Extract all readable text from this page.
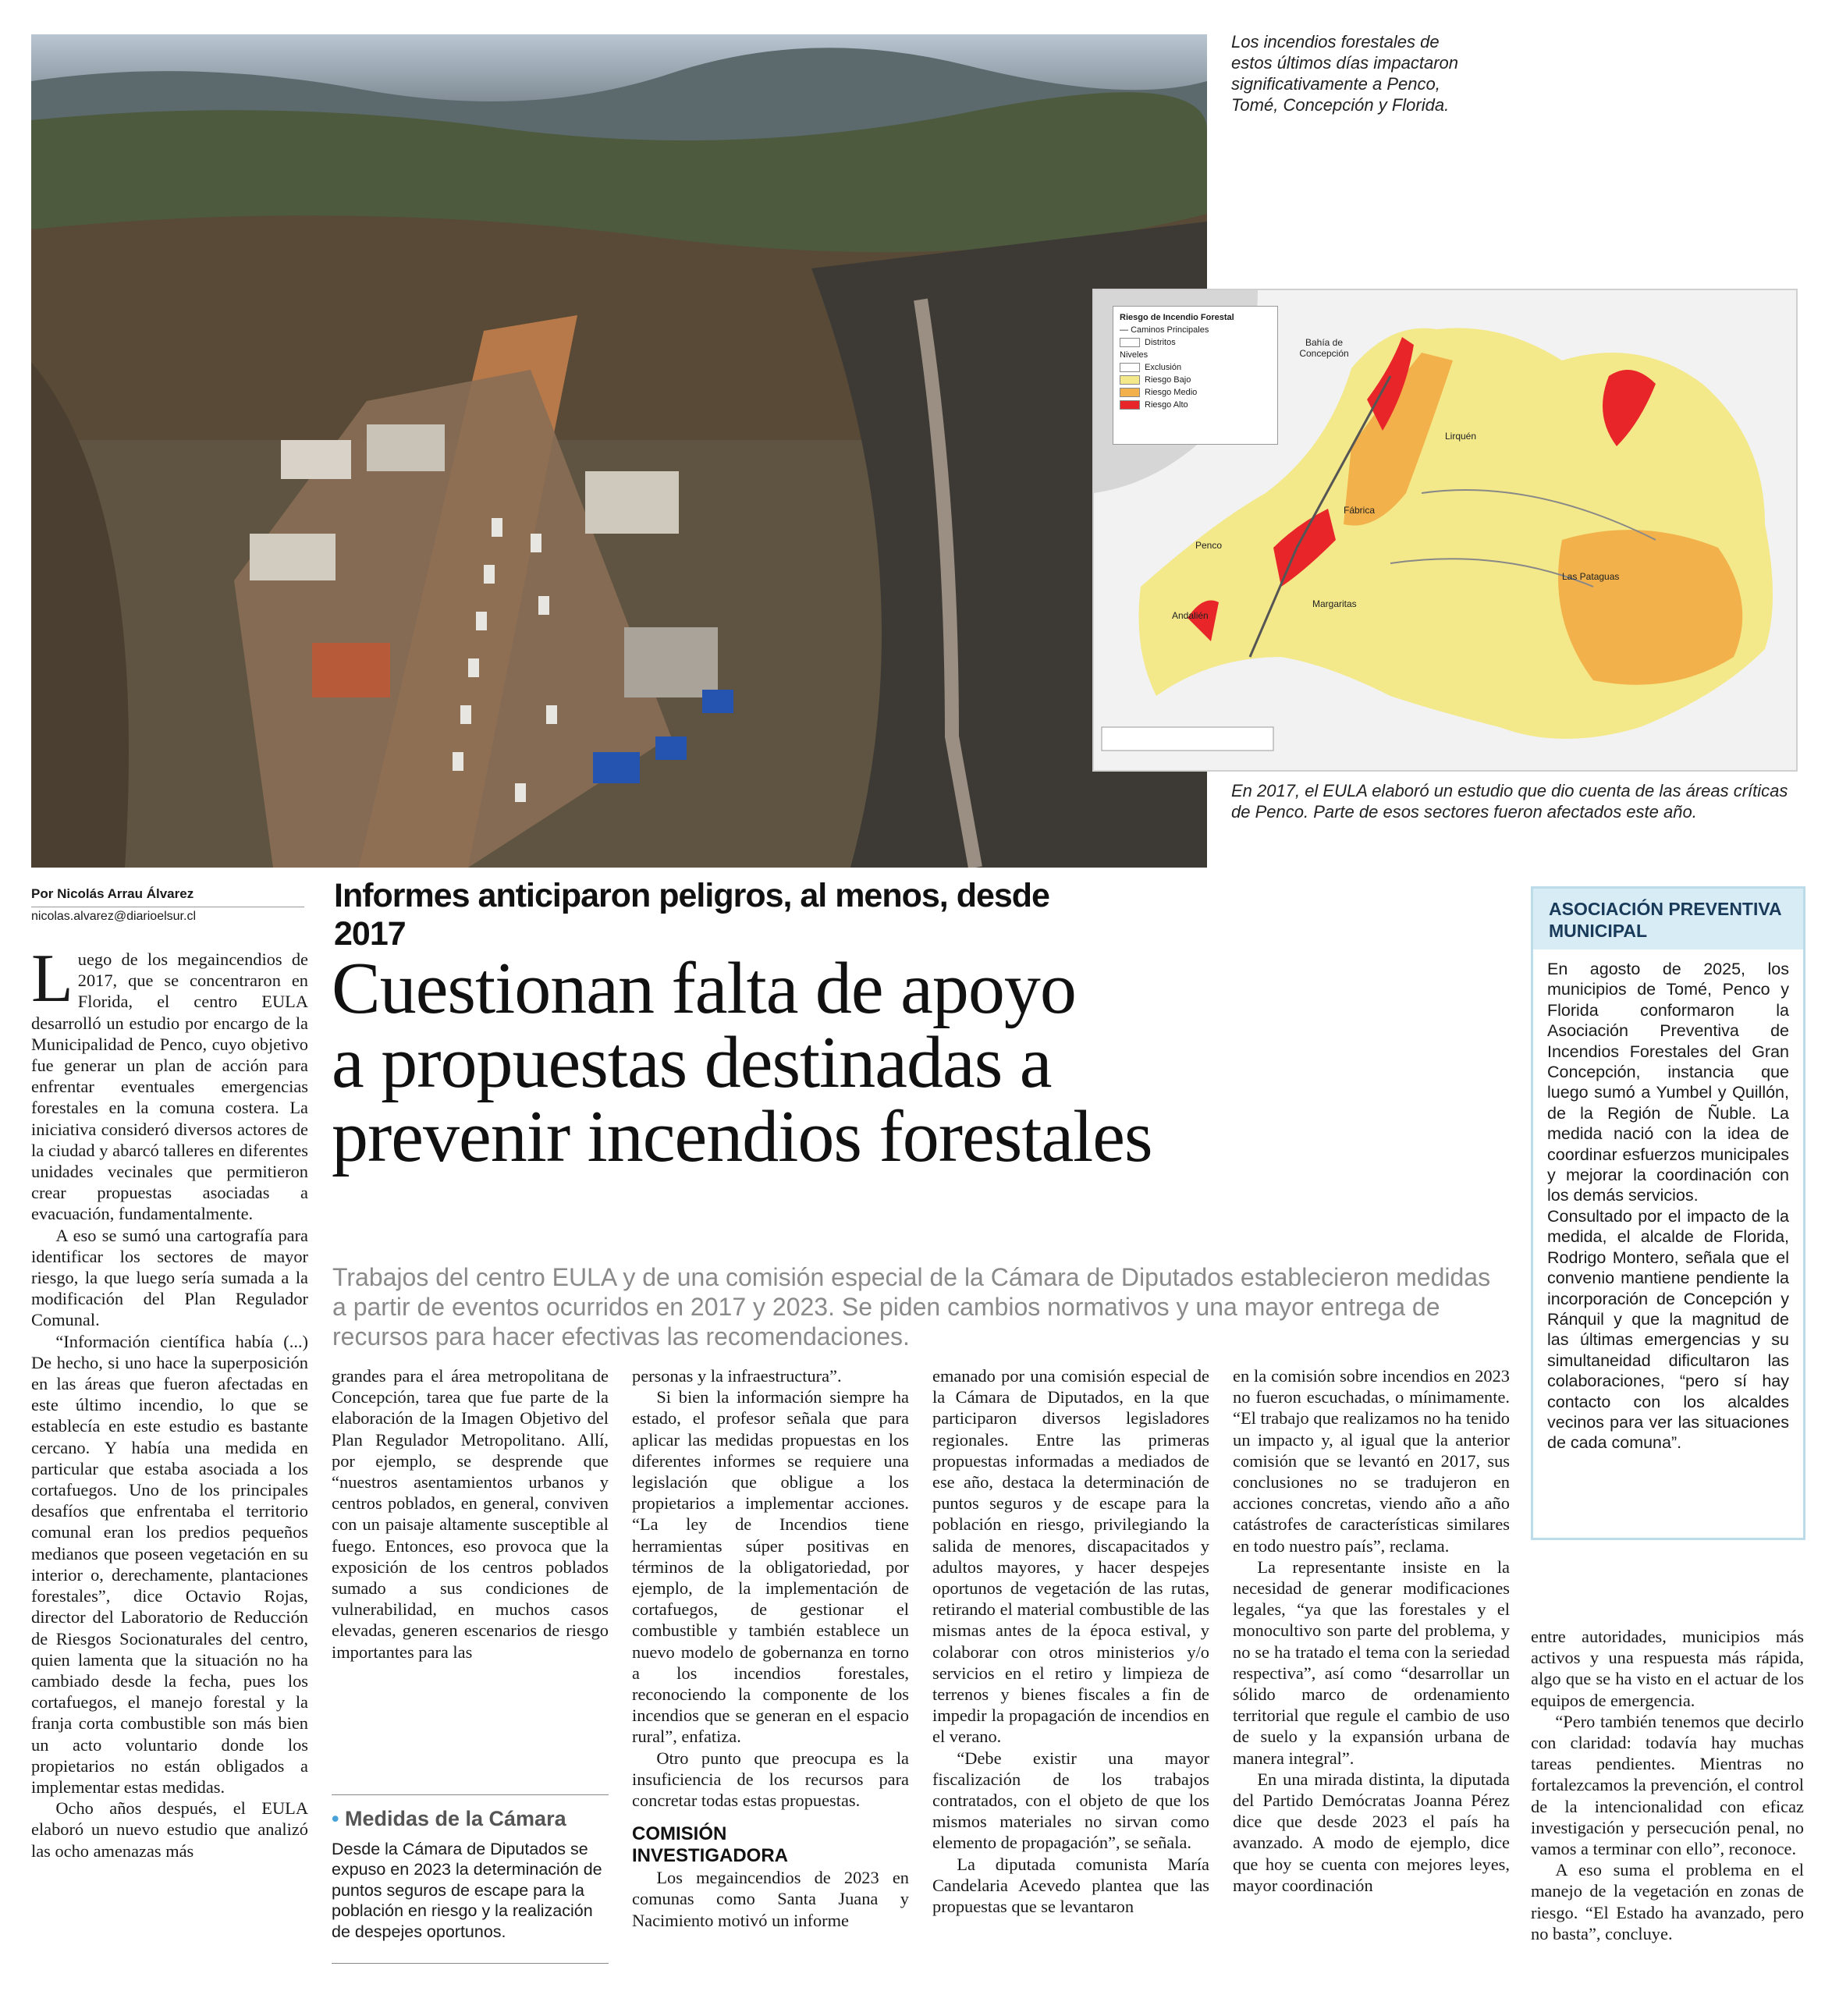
Los incendios forestales de estos últimos días impactaron significativamente a Penco, Tomé, Concepción y Florida.
Riesgo de Incendio Forestal
— Caminos Principales
Distritos
Niveles
Exclusión
Riesgo Bajo
Riesgo Medio
Riesgo Alto
Bahía de Concepción
Lirquén
Fábrica
Penco
Las Pataguas
Andalién
Margaritas
En 2017, el EULA elaboró un estudio que dio cuenta de las áreas críticas de Penco. Parte de esos sectores fueron afectados este año.
Por Nicolás Arrau Álvarez
nicolas.alvarez@diarioelsur.cl
Informes anticiparon peligros, al menos, desde 2017
Cuestionan falta de apoyo
a propuestas destinadas a
prevenir incendios forestales
Trabajos del centro EULA y de una comisión especial de la Cámara de Diputados establecieron medidas a partir de eventos ocurridos en 2017 y 2023. Se piden cambios normativos y una mayor entrega de recursos para hacer efectivas las recomendaciones.

Luego de los megaincendios de 2017, que se concentraron en Florida, el centro EULA desarrolló un estudio por encargo de la Municipalidad de Penco, cuyo objetivo fue generar un plan de acción para enfrentar eventuales emergencias forestales en la comuna costera. La iniciativa consideró diversos actores de la ciudad y abarcó talleres en diferentes unidades vecinales que permitieron crear propuestas asociadas a evacuación, fundamentalmente.

A eso se sumó una cartografía para identificar los sectores de mayor riesgo, la que luego sería sumada a la modificación del Plan Regulador Comunal.

“Información científica había (...) De hecho, si uno hace la superposición en las áreas que fueron afectadas en este último incendio, lo que se establecía en este estudio es bastante cercano. Y había una medida en particular que estaba asociada a los cortafuegos. Uno de los principales desafíos que enfrentaba el territorio comunal eran los predios pequeños medianos que poseen vegetación en su interior o, derechamente, plantaciones forestales”, dice Octavio Rojas, director del Laboratorio de Reducción de Riesgos Socionaturales del centro, quien lamenta que la situación no ha cambiado desde la fecha, pues los cortafuegos, el manejo forestal y la franja corta combustible son más bien un acto voluntario donde los propietarios no están obligados a implementar estas medidas.

Ocho años después, el EULA elaboró un nuevo estudio que analizó las ocho amenazas más

grandes para el área metropolitana de Concepción, tarea que fue parte de la elaboración de la Imagen Objetivo del Plan Regulador Metropolitano. Allí, por ejemplo, se desprende que “nuestros asentamientos urbanos y centros poblados, en general, conviven con un paisaje altamente susceptible al fuego. Entonces, eso provoca que la exposición de los centros poblados sumado a sus condiciones de vulnerabilidad, en muchos casos elevadas, generen escenarios de riesgo importantes para las

• Medidas de la Cámara
Desde la Cámara de Diputados se expuso en 2023 la determinación de puntos seguros de escape para la población en riesgo y la realización de despejes oportunos.

personas y la infraestructura”.

Si bien la información siempre ha estado, el profesor señala que para aplicar las medidas propuestas en los diferentes informes se requiere una legislación que obligue a los propietarios a implementar acciones. “La ley de Incendios tiene herramientas súper positivas en términos de la obligatoriedad, por ejemplo, de la implementación de cortafuegos, de gestionar el combustible y también establece un nuevo modelo de gobernanza en torno a los incendios forestales, reconociendo la componente de los incendios que se generan en el espacio rural”, enfatiza.

Otro punto que preocupa es la insuficiencia de los recursos para concretar todas estas propuestas.

COMISIÓN INVESTIGADORA

Los megaincendios de 2023 en comunas como Santa Juana y Nacimiento motivó un informe

emanado por una comisión especial de la Cámara de Diputados, en la que participaron diversos legisladores regionales. Entre las primeras propuestas informadas a mediados de ese año, destaca la determinación de puntos seguros y de escape para la población en riesgo, privilegiando la salida de menores, discapacitados y adultos mayores, y hacer despejes oportunos de vegetación de las rutas, retirando el material combustible de las mismas antes de la época estival, y colaborar con otros ministerios y/o servicios en el retiro y limpieza de terrenos y bienes fiscales a fin de impedir la propagación de incendios en el verano.

“Debe existir una mayor fiscalización de los trabajos contratados, con el objeto de que los mismos materiales no sirvan como elemento de propagación”, se señala.

La diputada comunista María Candelaria Acevedo plantea que las propuestas que se levantaron

en la comisión sobre incendios en 2023 no fueron escuchadas, o mínimamente. “El trabajo que realizamos no ha tenido un impacto y, al igual que la anterior comisión que se levantó en 2017, sus conclusiones no se tradujeron en acciones concretas, viendo año a año catástrofes de características similares en todo nuestro país”, reclama.

La representante insiste en la necesidad de generar modificaciones legales, “ya que las forestales y el monocultivo son parte del problema, y no se ha tratado el tema con la seriedad respectiva”, así como “desarrollar un sólido marco de ordenamiento territorial que regule el cambio de uso de suelo y la expansión urbana de manera integral”.

En una mirada distinta, la diputada del Partido Demócratas Joanna Pérez dice que desde 2023 el país ha avanzado. A modo de ejemplo, dice que hoy se cuenta con mejores leyes, mayor coordinación

ASOCIACIÓN PREVENTIVA MUNICIPAL
En agosto de 2025, los municipios de Tomé, Penco y Florida conformaron la Asociación Preventiva de Incendios Forestales del Gran Concepción, instancia que luego sumó a Yumbel y Quillón, de la Región de Ñuble. La medida nació con la idea de coordinar esfuerzos municipales y mejorar la coordinación con los demás servicios.
Consultado por el impacto de la medida, el alcalde de Florida, Rodrigo Montero, señala que el convenio mantiene pendiente la incorporación de Concepción y Ránquil y que la magnitud de las últimas emergencias y su simultaneidad dificultaron las colaboraciones, “pero sí hay contacto con los alcaldes vecinos para ver las situaciones de cada comuna”.

entre autoridades, municipios más activos y una respuesta más rápida, algo que se ha visto en el actuar de los equipos de emergencia.

“Pero también tenemos que decirlo con claridad: todavía hay muchas tareas pendientes. Mientras no fortalezcamos la prevención, el control de la intencionalidad con eficaz investigación y persecución penal, no vamos a terminar con ello”, reconoce.

A eso suma el problema en el manejo de la vegetación en zonas de riesgo. “El Estado ha avanzado, pero no basta”, concluye.
